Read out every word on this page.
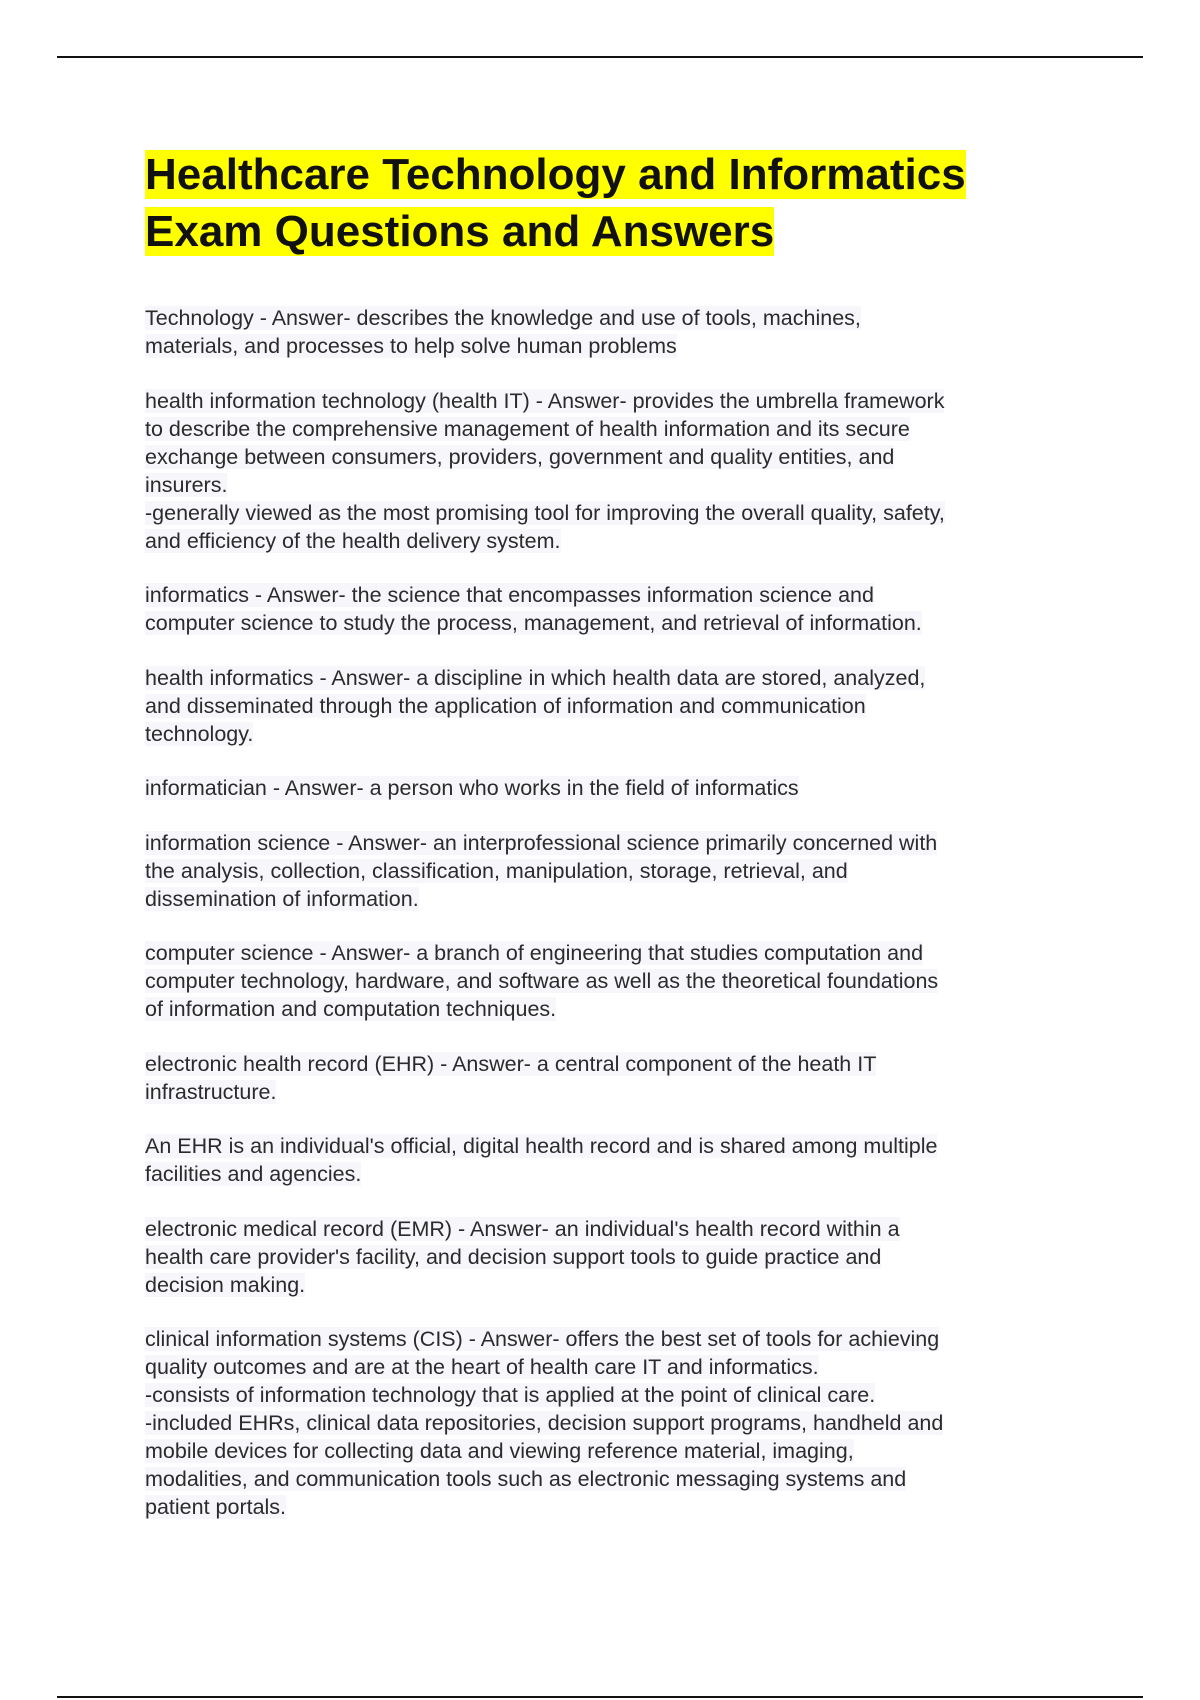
Healthcare Technology and Informatics
Exam Questions and Answers

Technology - Answer- describes the knowledge and use of tools, machines,
materials, and processes to help solve human problems

health information technology (health IT) - Answer- provides the umbrella framework
to describe the comprehensive management of health information and its secure
exchange between consumers, providers, government and quality entities, and
insurers.
-generally viewed as the most promising tool for improving the overall quality, safety,
and efficiency of the health delivery system.

informatics - Answer- the science that encompasses information science and
computer science to study the process, management, and retrieval of information.

health informatics - Answer- a discipline in which health data are stored, analyzed,
and disseminated through the application of information and communication
technology.

informatician - Answer- a person who works in the field of informatics

information science - Answer- an interprofessional science primarily concerned with
the analysis, collection, classification, manipulation, storage, retrieval, and
dissemination of information.

computer science - Answer- a branch of engineering that studies computation and
computer technology, hardware, and software as well as the theoretical foundations
of information and computation techniques.

electronic health record (EHR) - Answer- a central component of the heath IT
infrastructure.

An EHR is an individual's official, digital health record and is shared among multiple
facilities and agencies.

electronic medical record (EMR) - Answer- an individual's health record within a
health care provider's facility, and decision support tools to guide practice and
decision making.

clinical information systems (CIS) - Answer- offers the best set of tools for achieving
quality outcomes and are at the heart of health care IT and informatics.
-consists of information technology that is applied at the point of clinical care.
-included EHRs, clinical data repositories, decision support programs, handheld and
mobile devices for collecting data and viewing reference material, imaging,
modalities, and communication tools such as electronic messaging systems and
patient portals.
